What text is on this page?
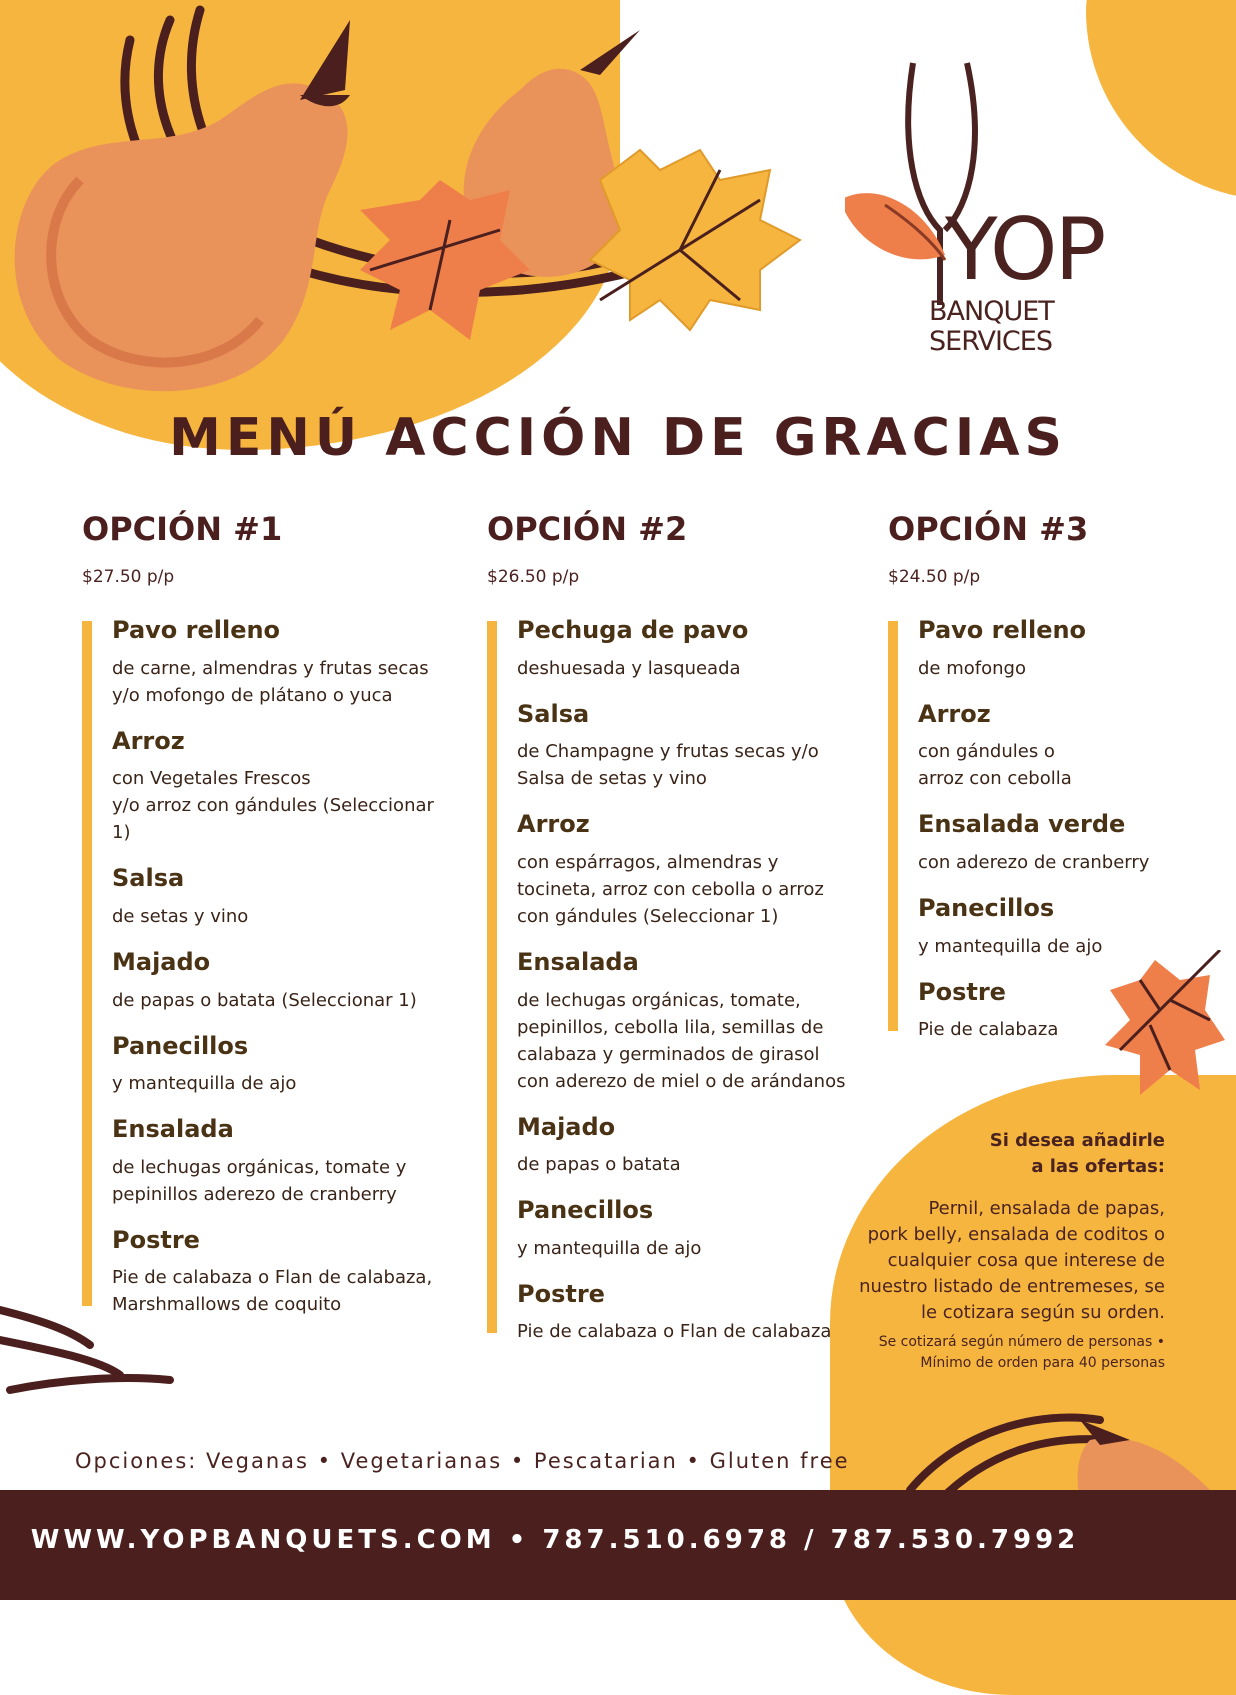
YOP
BANQUET
SERVICES
MENÚ ACCIÓN DE GRACIAS
OPCIÓN #1

$27.50 p/p

Pavo relleno

de carne, almendras y frutas secas
y/o mofongo de plátano o yuca

Arroz

con Vegetales Frescos
y/o arroz con gándules (Seleccionar 1)

Salsa

de setas y vino

Majado

de papas o batata (Seleccionar 1)

Panecillos

y mantequilla de ajo

Ensalada

de lechugas orgánicas, tomate y
pepinillos aderezo de cranberry

Postre

Pie de calabaza o Flan de calabaza,
Marshmallows de coquito

OPCIÓN #2

$26.50 p/p

Pechuga de pavo

deshuesada y lasqueada

Salsa

de Champagne y frutas secas y/o
Salsa de setas y vino

Arroz

con espárragos, almendras y
tocineta, arroz con cebolla o arroz
con gándules (Seleccionar 1)

Ensalada

de lechugas orgánicas, tomate,
pepinillos, cebolla lila, semillas de
calabaza y germinados de girasol
con aderezo de miel o de arándanos

Majado

de papas o batata

Panecillos

y mantequilla de ajo

Postre

Pie de calabaza o Flan de calabaza

OPCIÓN #3

$24.50 p/p

Pavo relleno

de mofongo

Arroz

con gándules o
arroz con cebolla

Ensalada verde

con aderezo de cranberry

Panecillos

y mantequilla de ajo

Postre

Pie de calabaza

Si desea añadirle
a las ofertas:

Pernil, ensalada de papas,
pork belly, ensalada de coditos o
cualquier cosa que interese de
nuestro listado de entremeses, se
le cotizara según su orden.

Se cotizará según número de personas •
Mínimo de orden para 40 personas

Opciones: Veganas • Vegetarianas • Pescatarian • Gluten free
WWW.YOPBANQUETS.COM • 787.510.6978 / 787.530.7992
